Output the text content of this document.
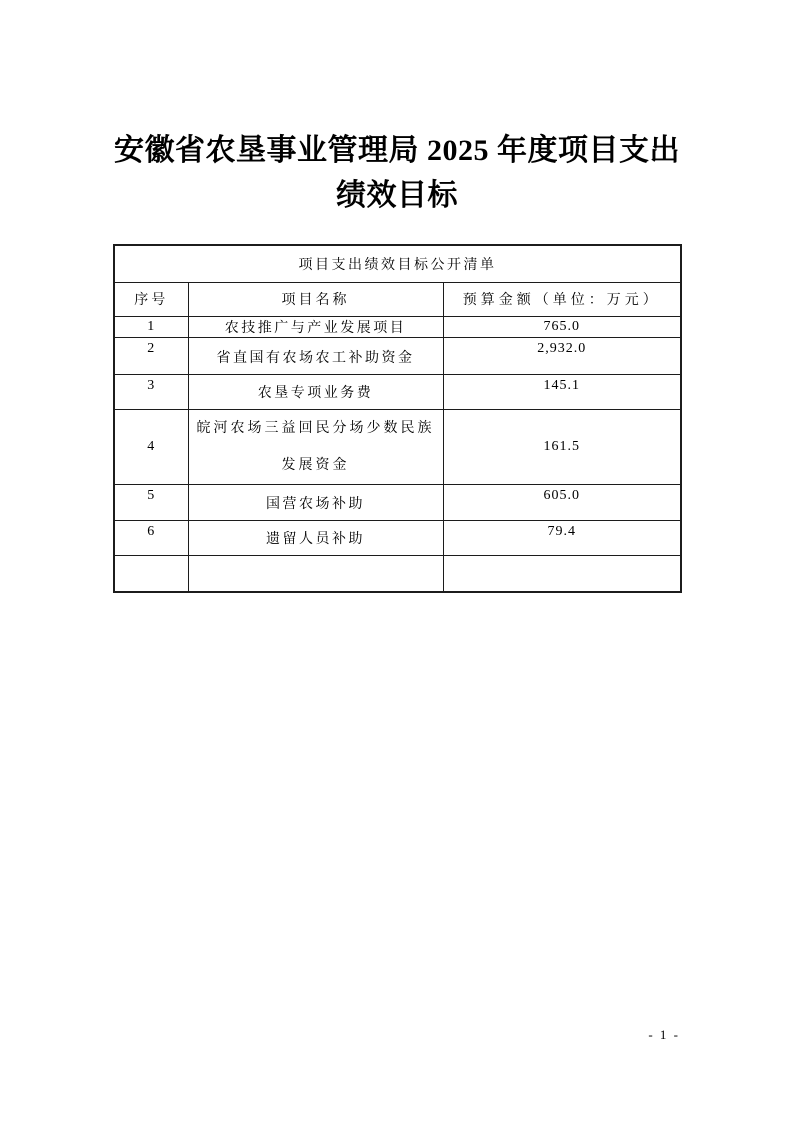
安徽省农垦事业管理局 2025 年度项目支出
绩效目标
项目支出绩效目标公开清单		
序号	项目名称	预算金额（单位：万元）
1	农技推广与产业发展项目	765.0
2	省直国有农场农工补助资金	2,932.0
3	农垦专项业务费	145.1
4	皖河农场三益回民分场少数民族发展资金	161.5
5	国营农场补助	605.0
6	遗留人员补助	79.4

- 1 -
